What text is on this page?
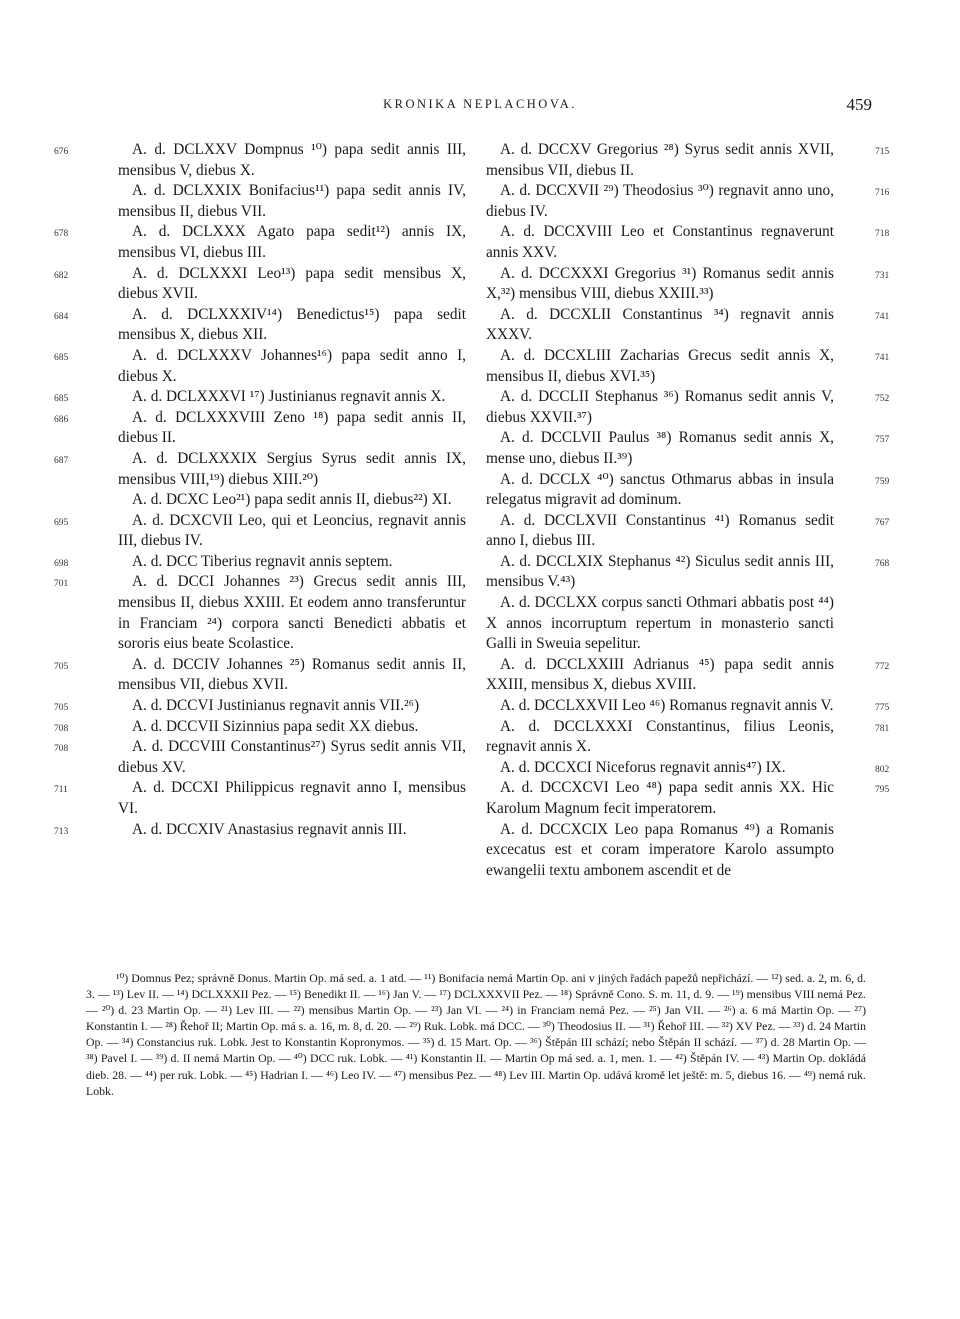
KRONIKA NEPLACHOVA.	459

676	A. d. DCLXXV Dompnus ¹⁰) papa sedit annis III, mensibus V, diebus X.

A. d. DCLXXIX Bonifacius¹¹) papa sedit annis IV, mensibus II, diebus VII.

678	A. d. DCLXXX Agato papa sedit¹²) annis IX, mensibus VI, diebus III.

682	A. d. DCLXXXI Leo¹³) papa sedit mensibus X, diebus XVII.

684	A. d. DCLXXXIV¹⁴) Benedictus¹⁵) papa sedit mensibus X, diebus XII.

685	A. d. DCLXXXV Johannes¹⁶) papa sedit anno I, diebus X.

685	A. d. DCLXXXVI ¹⁷) Justinianus regnavit annis X.

686	A. d. DCLXXXVIII Zeno ¹⁸) papa sedit annis II, diebus II.

687	A. d. DCLXXXIX Sergius Syrus sedit annis IX, mensibus VIII,¹⁹) diebus XIII.²⁰)

A. d. DCXC Leo²¹) papa sedit annis II, diebus²²) XI.

695	A. d. DCXCVII Leo, qui et Leoncius, regnavit annis III, diebus IV.

698	A. d. DCC Tiberius regnavit annis septem.

701	A. d. DCCI Johannes ²³) Grecus sedit annis III, mensibus II, diebus XXIII. Et eodem anno transferuntur in Franciam ²⁴) corpora sancti Benedicti abbatis et sororis eius beate Scolastice.

705	A. d. DCCIV Johannes ²⁵) Romanus sedit annis II, mensibus VII, diebus XVII.

705	A. d. DCCVI Justinianus regnavit annis VII.²⁶)

708	A. d. DCCVII Sizinnius papa sedit XX diebus.

708	A. d. DCCVIII Constantinus²⁷) Syrus sedit annis VII, diebus XV.

711	A. d. DCCXI Philippicus regnavit anno I, mensibus VI.

713	A. d. DCCXIV Anastasius regnavit annis III.

715
A. d. DCCXV Gregorius ²⁸) Syrus sedit annis XVII, mensibus VII, diebus II.

716
A. d. DCCXVII ²⁹) Theodosius ³⁰) regnavit anno uno, diebus IV.

718
A. d. DCCXVIII Leo et Constantinus regnaverunt annis XXV.

731
A. d. DCCXXXI Gregorius ³¹) Romanus sedit annis X,³²) mensibus VIII, diebus XXIII.³³)

741
A. d. DCCXLII Constantinus ³⁴) regnavit annis XXXV.

741
A. d. DCCXLIII Zacharias Grecus sedit annis X, mensibus II, diebus XVI.³⁵)

752
A. d. DCCLII Stephanus ³⁶) Romanus sedit annis V, diebus XXVII.³⁷)

757
A. d. DCCLVII Paulus ³⁸) Romanus sedit annis X, mense uno, diebus II.³⁹)

759
A. d. DCCLX ⁴⁰) sanctus Othmarus abbas in insula relegatus migravit ad dominum.

767
A. d. DCCLXVII Constantinus ⁴¹) Romanus sedit anno I, diebus III.

768
A. d. DCCLXIX Stephanus ⁴²) Siculus sedit annis III, mensibus V.⁴³)

A. d. DCCLXX corpus sancti Othmari abbatis post ⁴⁴) X annos incorruptum repertum in monasterio sancti Galli in Sweuia sepelitur.

772
A. d. DCCLXXIII Adrianus ⁴⁵) papa sedit annis XXIII, mensibus X, diebus XVIII.

775
A. d. DCCLXXVII Leo ⁴⁶) Romanus regnavit annis V.

781
A. d. DCCLXXXI Constantinus, filius Leonis, regnavit annis X.

802
A. d. DCCXCI Niceforus regnavit annis⁴⁷) IX.

795
A. d. DCCXCVI Leo ⁴⁸) papa sedit annis XX. Hic Karolum Magnum fecit imperatorem.

A. d. DCCXCIX Leo papa Romanus ⁴⁹) a Romanis excecatus est et coram imperatore Karolo assumpto ewangelii textu ambonem ascendit et de

¹⁰) Domnus Pez; správně Donus. Martin Op. má sed. a. 1 atd. — ¹¹) Bonifacia nemá Martin Op. ani v jiných řadách papežů nepřichází. — ¹²) sed. a. 2, m. 6, d. 3. — ¹³) Lev II. — ¹⁴) DCLXXXII Pez. — ¹⁵) Benedikt II. — ¹⁶) Jan V. — ¹⁷) DCLXXXVII Pez. — ¹⁸) Správně Cono. S. m. 11, d. 9. — ¹⁹) mensibus VIII nemá Pez. — ²⁰) d. 23 Martin Op. — ²¹) Lev III. — ²²) mensibus Martin Op. — ²³) Jan VI. — ²⁴) in Franciam nemá Pez. — ²⁵) Jan VII. — ²⁶) a. 6 má Martin Op. — ²⁷) Konstantin I. — ²⁸) Řehoř II; Martin Op. má s. a. 16, m. 8, d. 20. — ²⁹) Ruk. Lobk. má DCC. — ³⁰) Theodosius II. — ³¹) Řehoř III. — ³²) XV Pez. — ³³) d. 24 Martin Op. — ³⁴) Constancius ruk. Lobk. Jest to Konstantin Kopronymos. — ³⁵) d. 15 Mart. Op. — ³⁶) Štěpán III schází; nebo Štěpán II schází. — ³⁷) d. 28 Martin Op. — ³⁸) Pavel I. — ³⁹) d. II nemá Martin Op. — ⁴⁰) DCC ruk. Lobk. — ⁴¹) Konstantin II. — Martin Op má sed. a. 1, men. 1. — ⁴²) Štěpán IV. — ⁴³) Martin Op. dokládá dieb. 28. — ⁴⁴) per ruk. Lobk. — ⁴⁵) Hadrian I. — ⁴⁶) Leo IV. — ⁴⁷) mensibus Pez. — ⁴⁸) Lev III. Martin Op. udává kromě let ještě: m. 5, diebus 16. — ⁴⁹) nemá ruk. Lobk.
